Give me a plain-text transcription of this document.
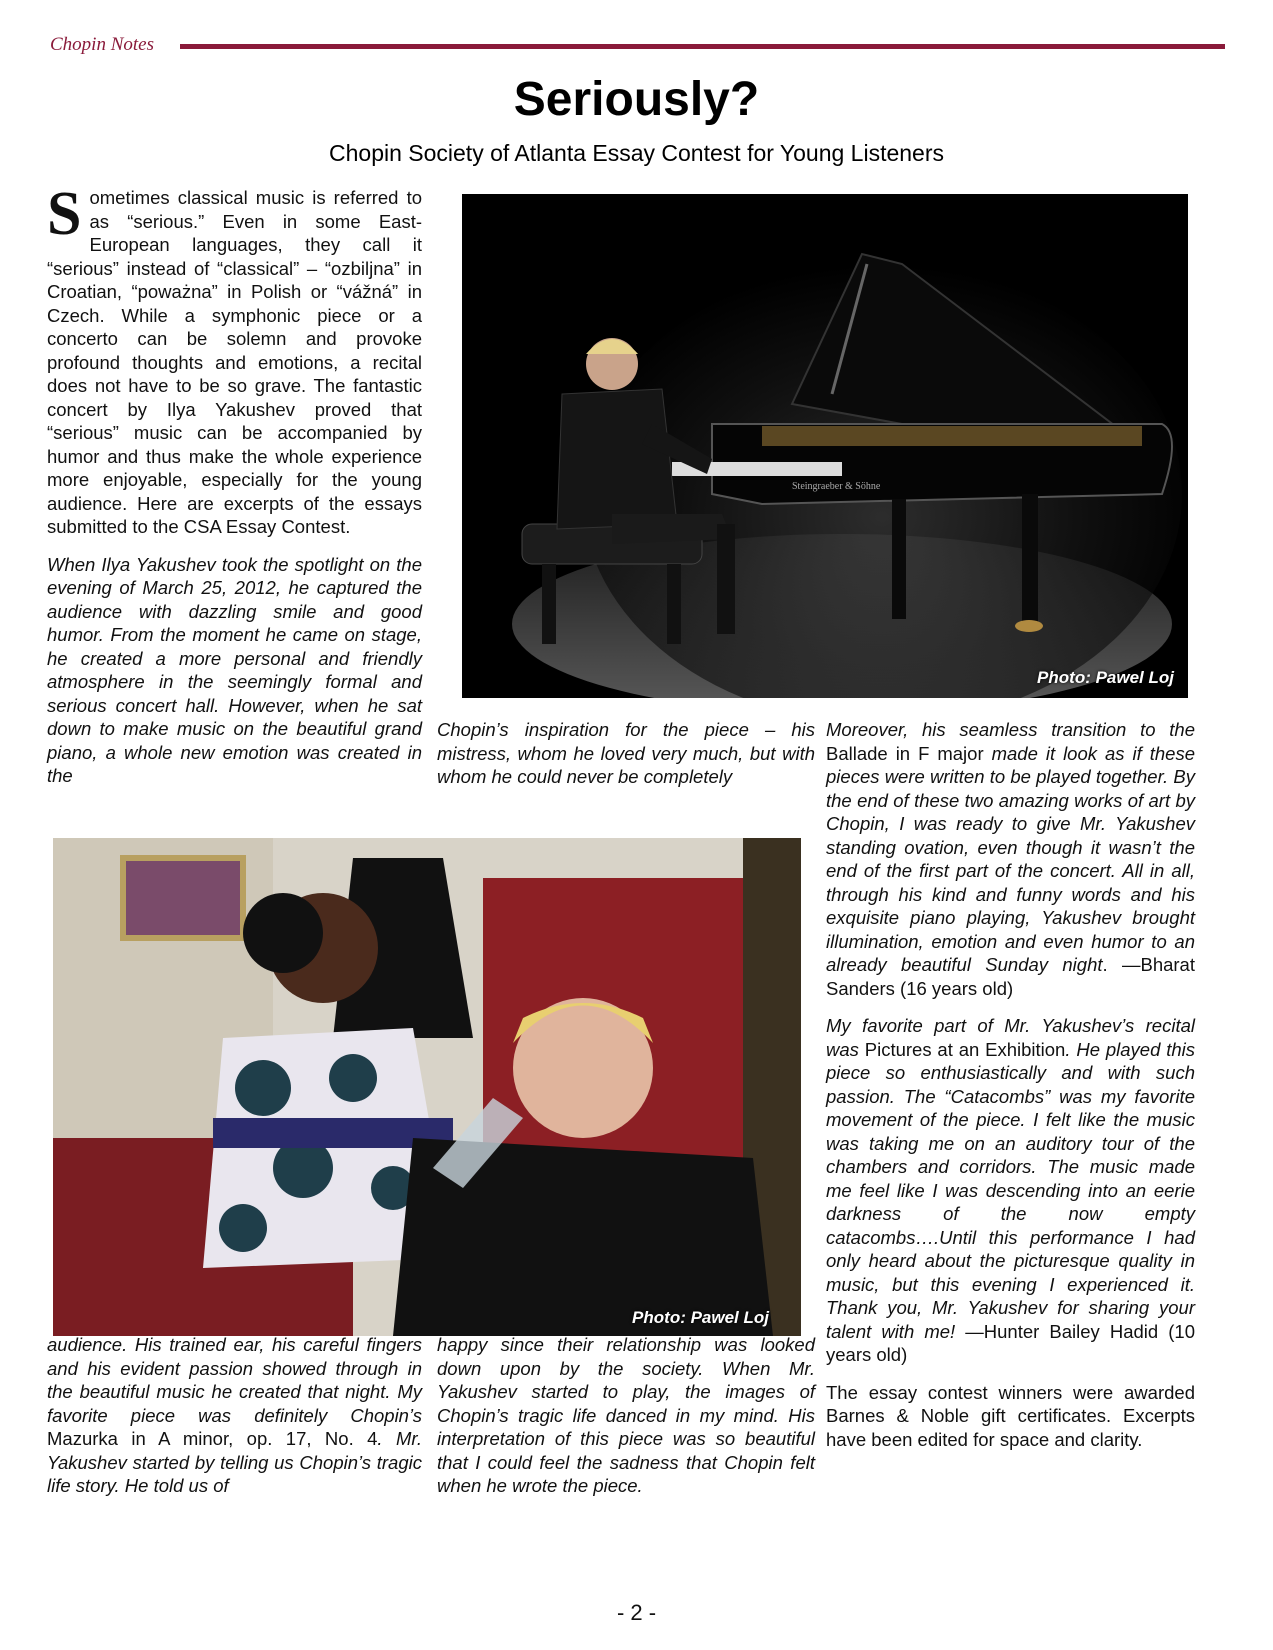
Chopin Notes
Seriously?
Chopin Society of Atlanta Essay Contest for Young Listeners

Sometimes classical music is referred to as “serious.” Even in some East-European languages, they call it “serious” instead of “classical” – “ozbiljna” in Croatian, “poważna” in Polish or “vážná” in Czech. While a symphonic piece or a concerto can be solemn and provoke profound thoughts and emotions, a recital does not have to be so grave. The fantastic concert by Ilya Yakushev proved that “serious” music can be accompanied by humor and thus make the whole experience more enjoyable, especially for the young audience. Here are excerpts of the essays submitted to the CSA Essay Contest.

When Ilya Yakushev took the spotlight on the evening of March 25, 2012, he captured the audience with dazzling smile and good humor. From the moment he came on stage, he created a more personal and friendly atmosphere in the seemingly formal and serious concert hall. However, when he sat down to make music on the beautiful grand piano, a whole new emotion was created in the

Steingraeber & Söhne
Photo: Pawel Loj

Chopin’s inspiration for the piece – his mistress, whom he loved very much, but with whom he could never be completely

Moreover, his seamless transition to the Ballade in F major made it look as if these pieces were written to be played together. By the end of these two amazing works of art by Chopin, I was ready to give Mr. Yakushev standing ovation, even though it wasn’t the end of the first part of the concert. All in all, through his kind and funny words and his exquisite piano playing, Yakushev brought illumination, emotion and even humor to an already beautiful Sunday night. —Bharat Sanders (16 years old)

My favorite part of Mr. Yakushev’s recital was Pictures at an Exhibition. He played this piece so enthusiastically and with such passion. The “Catacombs” was my favorite movement of the piece. I felt like the music was taking me on an auditory tour of the chambers and corridors. The music made me feel like I was descending into an eerie darkness of the now empty catacombs….Until this performance I had only heard about the picturesque quality in music, but this evening I experienced it. Thank you, Mr. Yakushev for sharing your talent with me! —Hunter Bailey Hadid (10 years old)

The essay contest winners were awarded Barnes & Noble gift certificates. Excerpts have been edited for space and clarity.

Photo: Pawel Loj

audience. His trained ear, his careful fingers and his evident passion showed through in the beautiful music he created that night. My favorite piece was definitely Chopin’s Mazurka in A minor, op. 17, No. 4. Mr. Yakushev started by telling us Chopin’s tragic life story. He told us of

happy since their relationship was looked down upon by the society. When Mr. Yakushev started to play, the images of Chopin’s tragic life danced in my mind. His interpretation of this piece was so beautiful that I could feel the sadness that Chopin felt when he wrote the piece.

- 2 -
